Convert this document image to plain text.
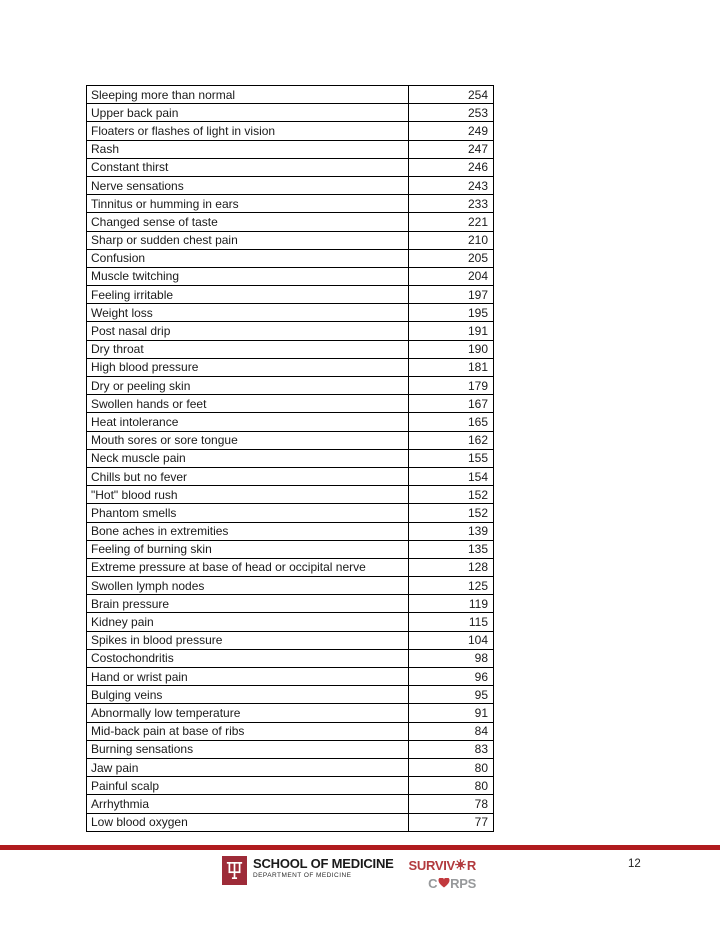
Sleeping more than normal	254
Upper back pain	253
Floaters or flashes of light in vision	249
Rash	247
Constant thirst	246
Nerve sensations	243
Tinnitus or humming in ears	233
Changed sense of taste	221
Sharp or sudden chest pain	210
Confusion	205
Muscle twitching	204
Feeling irritable	197
Weight loss	195
Post nasal drip	191
Dry throat	190
High blood pressure	181
Dry or peeling skin	179
Swollen hands or feet	167
Heat intolerance	165
Mouth sores or sore tongue	162
Neck muscle pain	155
Chills but no fever	154
"Hot" blood rush	152
Phantom smells	152
Bone aches in extremities	139
Feeling of burning skin	135
Extreme pressure at base of head or occipital nerve	128
Swollen lymph nodes	125
Brain pressure	119
Kidney pain	115
Spikes in blood pressure	104
Costochondritis	98
Hand or wrist pain	96
Bulging veins	95
Abnormally low temperature	91
Mid-back pain at base of ribs	84
Burning sensations	83
Jaw pain	80
Painful scalp	80
Arrhythmia	78
Low blood oxygen	77
SCHOOL OF MEDICINE
DEPARTMENT OF MEDICINE
SURVIV R
C RPS
12
